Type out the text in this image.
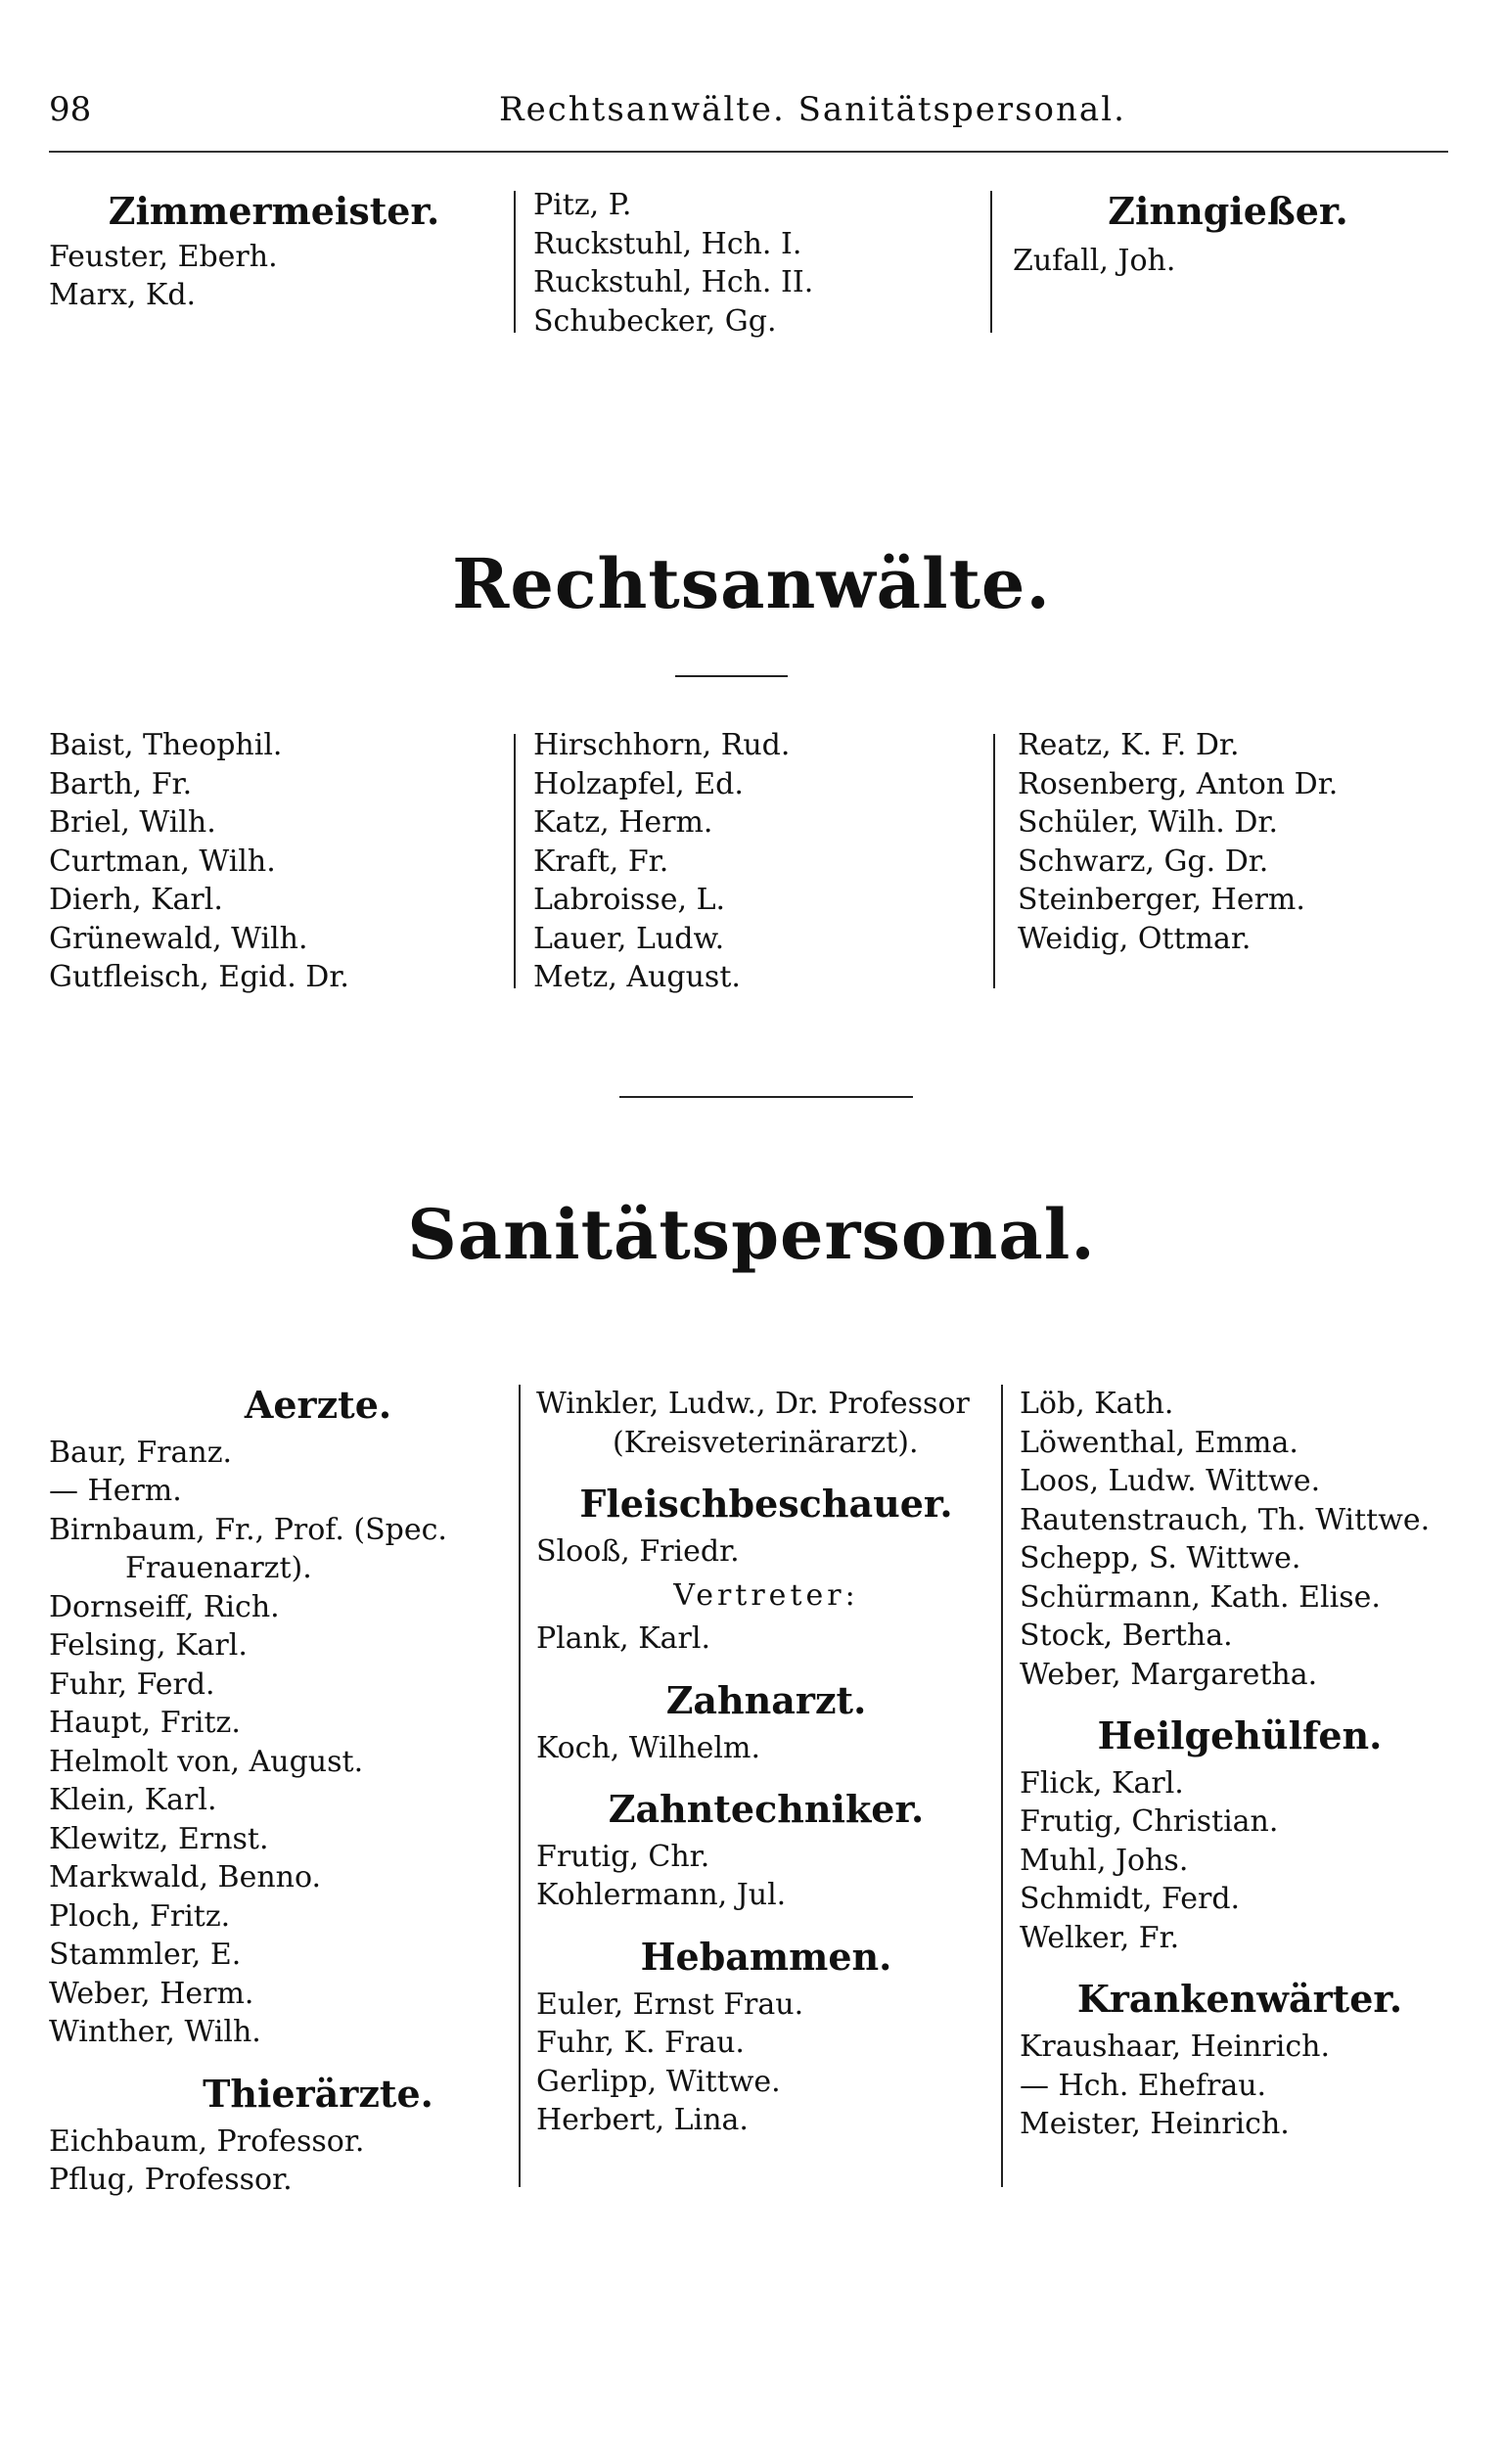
98	Rechtsanwälte. Sanitätspersonal.
Zimmermeister.
Feuster, Eberh.
Marx, Kd.
Pitz, P.
Ruckstuhl, Hch. I.
Ruckstuhl, Hch. II.
Schubecker, Gg.
Zinngießer.
Zufall, Joh.
Rechtsanwälte.
Baist, Theophil.
Barth, Fr.
Briel, Wilh.
Curtman, Wilh.
Dierh, Karl.
Grünewald, Wilh.
Gutfleisch, Egid. Dr.
Hirschhorn, Rud.
Holzapfel, Ed.
Katz, Herm.
Kraft, Fr.
Labroisse, L.
Lauer, Ludw.
Metz, August.
Reatz, K. F. Dr.
Rosenberg, Anton Dr.
Schüler, Wilh. Dr.
Schwarz, Gg. Dr.
Steinberger, Herm.
Weidig, Ottmar.
Sanitätspersonal.
Aerzte.
Baur, Franz.
— Herm.
Birnbaum, Fr., Prof. (Spec.
Frauenarzt).
Dornseiff, Rich.
Felsing, Karl.
Fuhr, Ferd.
Haupt, Fritz.
Helmolt von, August.
Klein, Karl.
Klewitz, Ernst.
Markwald, Benno.
Ploch, Fritz.
Stammler, E.
Weber, Herm.
Winther, Wilh.
Thierärzte.
Eichbaum, Professor.
Pflug, Professor.
Winkler, Ludw., Dr. Professor
(Kreisveterinärarzt).
Fleischbeschauer.
Slooß, Friedr.
Vertreter:
Plank, Karl.
Zahnarzt.
Koch, Wilhelm.
Zahntechniker.
Frutig, Chr.
Kohlermann, Jul.
Hebammen.
Euler, Ernst Frau.
Fuhr, K. Frau.
Gerlipp, Wittwe.
Herbert, Lina.
Löb, Kath.
Löwenthal, Emma.
Loos, Ludw. Wittwe.
Rautenstrauch, Th. Wittwe.
Schepp, S. Wittwe.
Schürmann, Kath. Elise.
Stock, Bertha.
Weber, Margaretha.
Heilgehülfen.
Flick, Karl.
Frutig, Christian.
Muhl, Johs.
Schmidt, Ferd.
Welker, Fr.
Krankenwärter.
Kraushaar, Heinrich.
— Hch. Ehefrau.
Meister, Heinrich.
